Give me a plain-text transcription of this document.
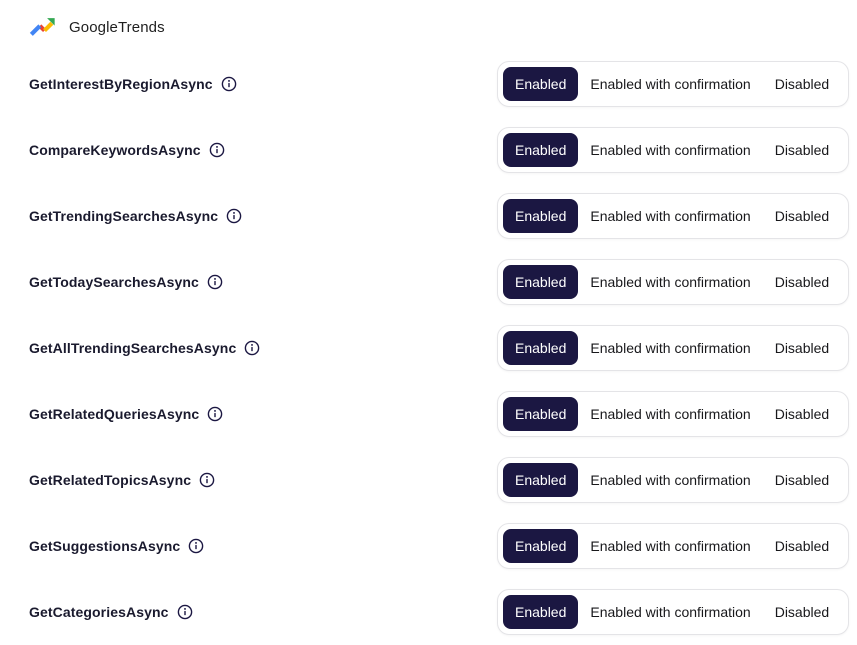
GoogleTrends
GetInterestByRegionAsync	Enabled	Enabled with confirmation	Disabled
CompareKeywordsAsync	Enabled	Enabled with confirmation	Disabled
GetTrendingSearchesAsync	Enabled	Enabled with confirmation	Disabled
GetTodaySearchesAsync	Enabled	Enabled with confirmation	Disabled
GetAllTrendingSearchesAsync	Enabled	Enabled with confirmation	Disabled
GetRelatedQueriesAsync	Enabled	Enabled with confirmation	Disabled
GetRelatedTopicsAsync	Enabled	Enabled with confirmation	Disabled
GetSuggestionsAsync	Enabled	Enabled with confirmation	Disabled
GetCategoriesAsync	Enabled	Enabled with confirmation	Disabled
